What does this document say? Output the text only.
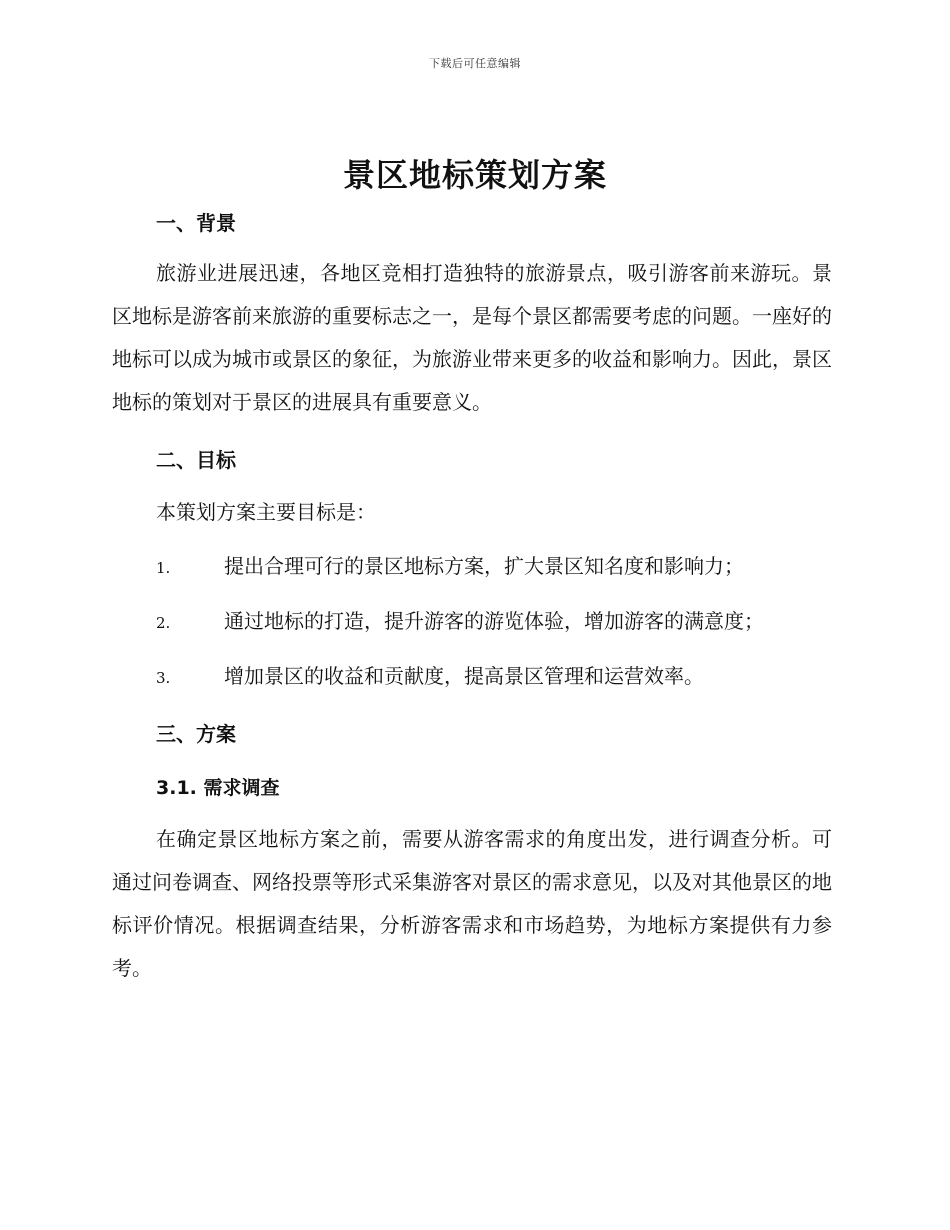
下载后可任意编辑
景区地标策划方案
一、背景

旅游业进展迅速，各地区竞相打造独特的旅游景点，吸引游客前来游玩。景区地标是游客前来旅游的重要标志之一，是每个景区都需要考虑的问题。一座好的地标可以成为城市或景区的象征，为旅游业带来更多的收益和影响力。因此，景区地标的策划对于景区的进展具有重要意义。

二、目标

本策划方案主要目标是：

1.	提出合理可行的景区地标方案，扩大景区知名度和影响力；
2.	通过地标的打造，提升游客的游览体验，增加游客的满意度；
3.	增加景区的收益和贡献度，提高景区管理和运营效率。
三、方案
3.1. 需求调查

在确定景区地标方案之前，需要从游客需求的角度出发，进行调查分析。可通过问卷调查、网络投票等形式采集游客对景区的需求意见，以及对其他景区的地标评价情况。根据调查结果，分析游客需求和市场趋势，为地标方案提供有力参考。
